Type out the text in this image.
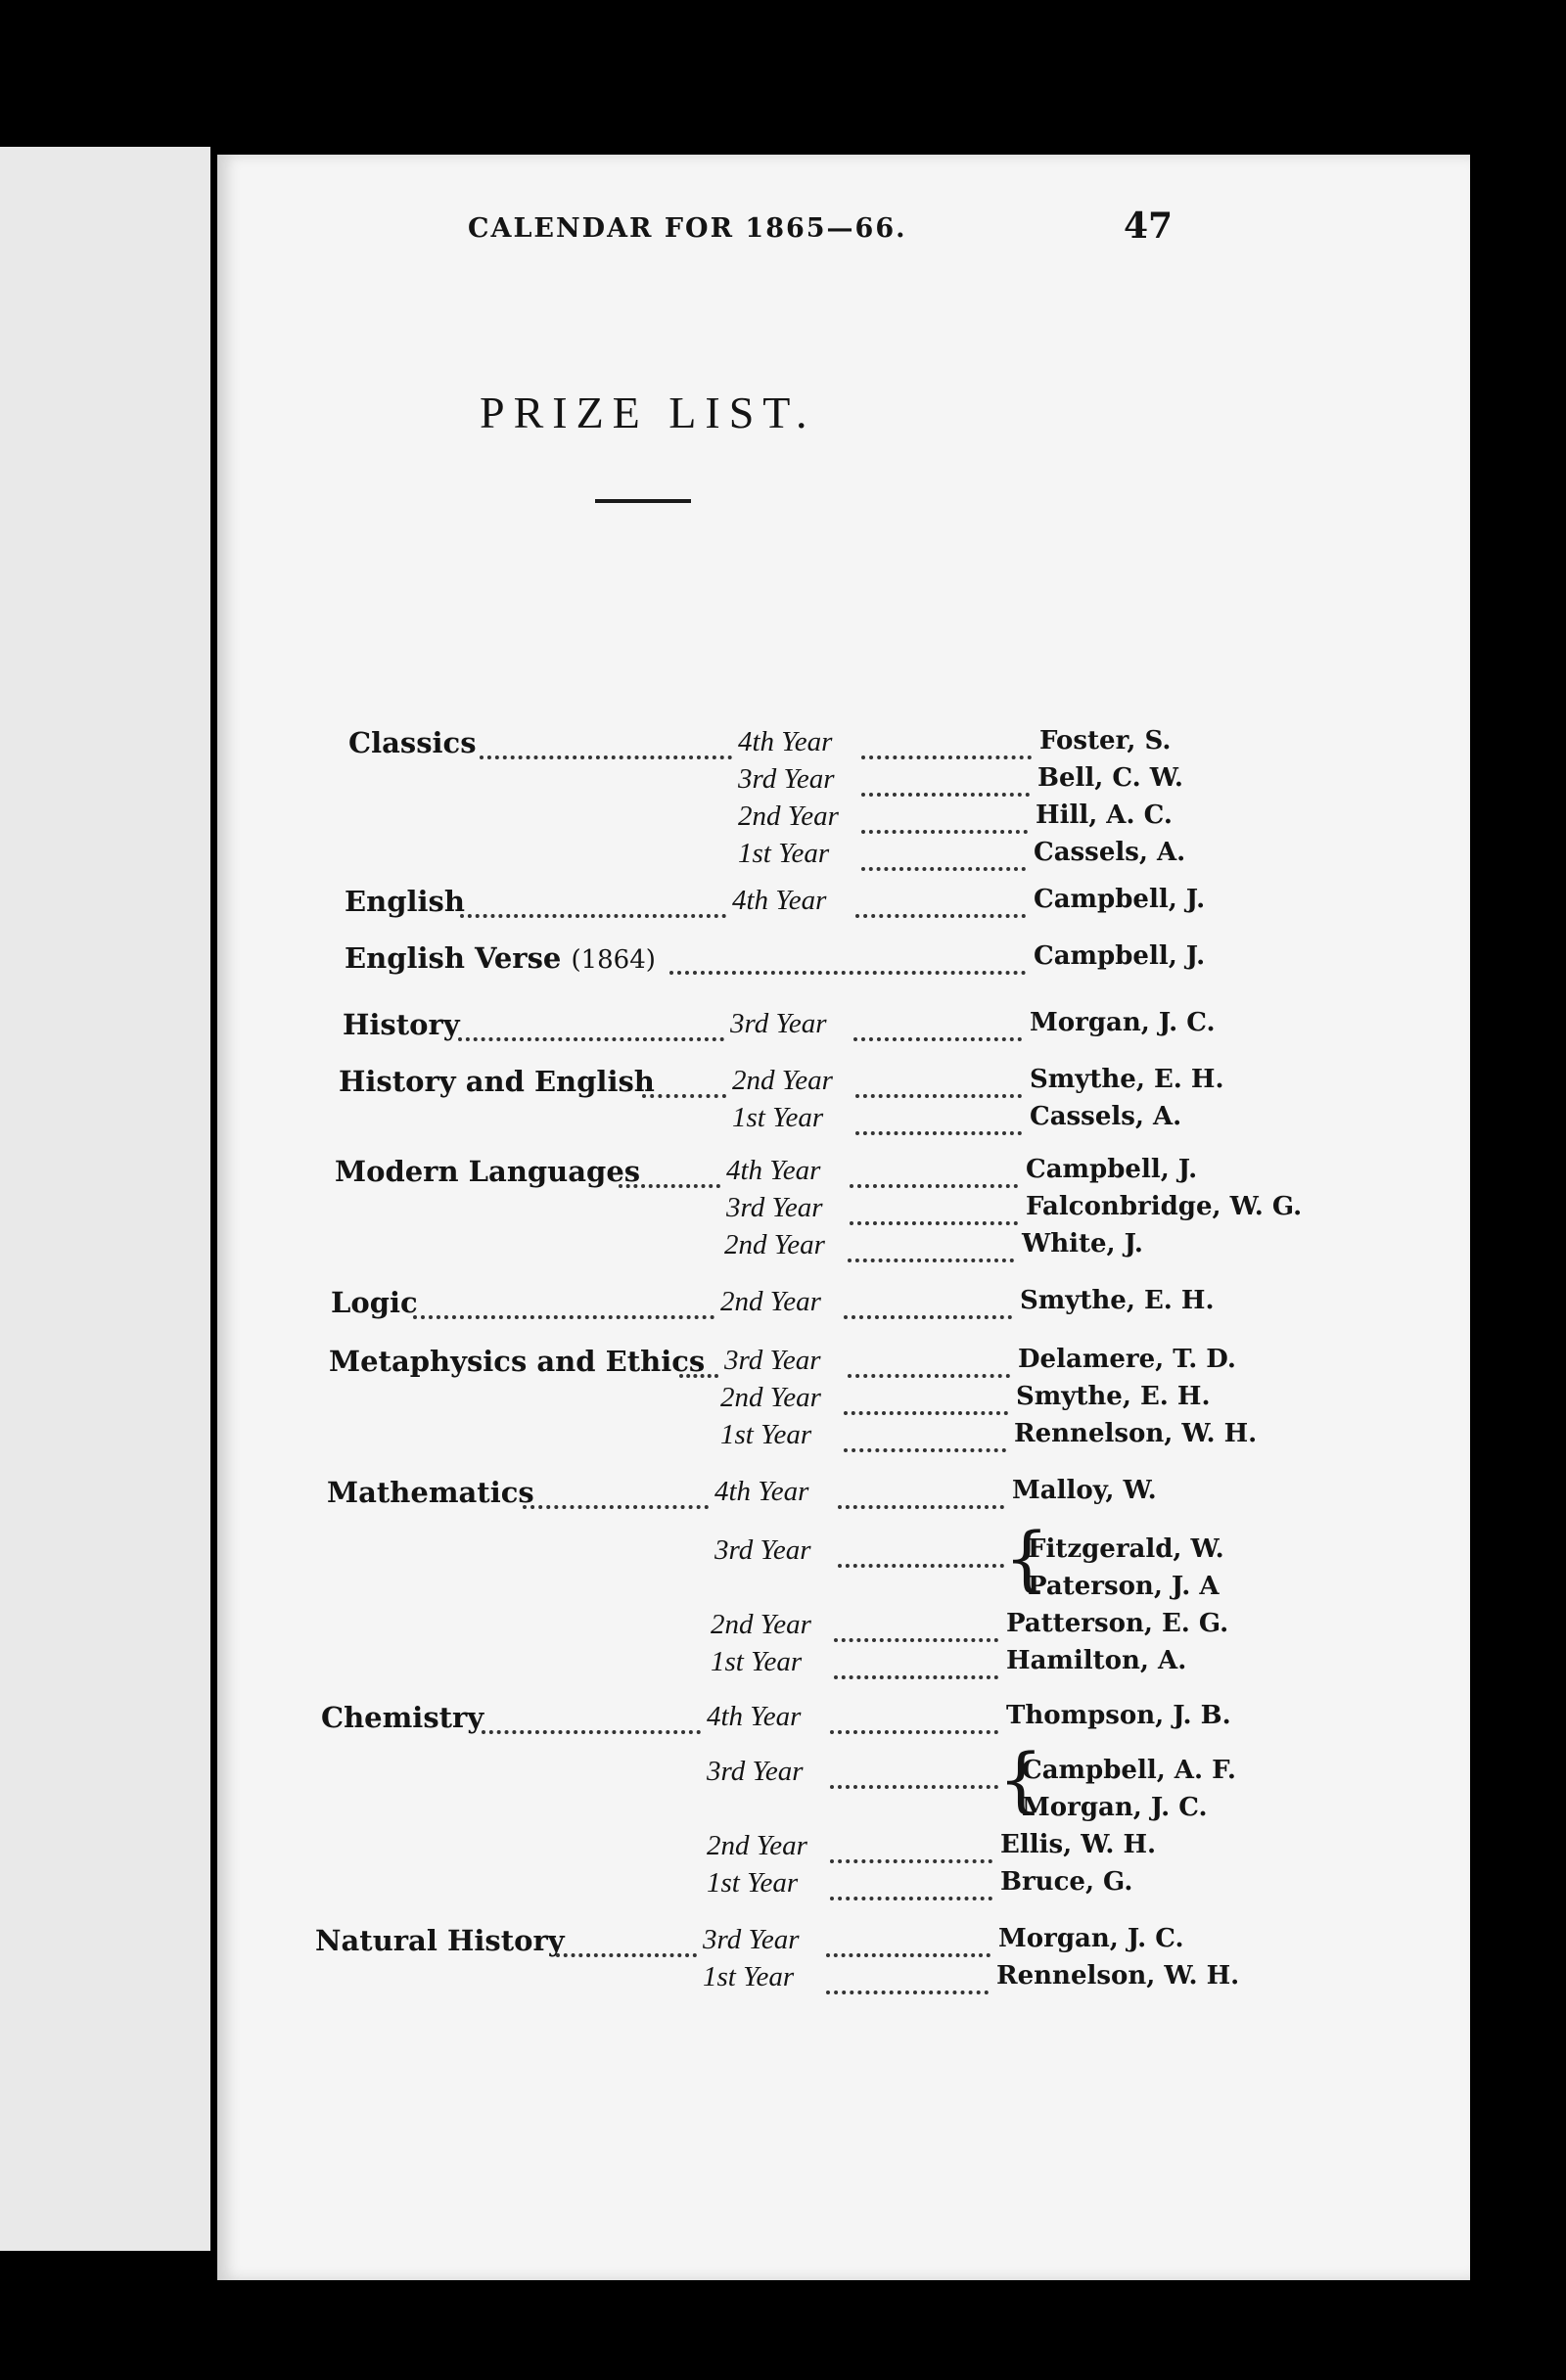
CALENDAR FOR 1865—66.	47
PRIZE LIST.
Classics	4th Year	Foster, S.
3rd Year	Bell, C. W.
2nd Year	Hill, A. C.
1st Year	Cassels, A.
English	4th Year	Campbell, J.
English Verse (1864)	Campbell, J.
History	3rd Year	Morgan, J. C.
History and English	2nd Year	Smythe, E. H.
1st Year	Cassels, A.
Modern Languages	4th Year	Campbell, J.
3rd Year	Falconbridge, W. G.
2nd Year	White, J.
Logic	2nd Year	Smythe, E. H.
Metaphysics and Ethics 3rd Year	Delamere, T. D.
2nd Year	Smythe, E. H.
1st Year	Rennelson, W. H.
Mathematics	4th Year	Malloy, W.
3rd Year	Fitzgerald, W.
Paterson, J. A
2nd Year	Patterson, E. G.
1st Year	Hamilton, A.
Chemistry	4th Year	Thompson, J. B.
3rd Year	Campbell, A. F.
Morgan, J. C.
2nd Year	Ellis, W. H.
1st Year	Bruce, G.
Natural History	3rd Year	Morgan, J. C.
1st Year	Rennelson, W. H.
{
{
